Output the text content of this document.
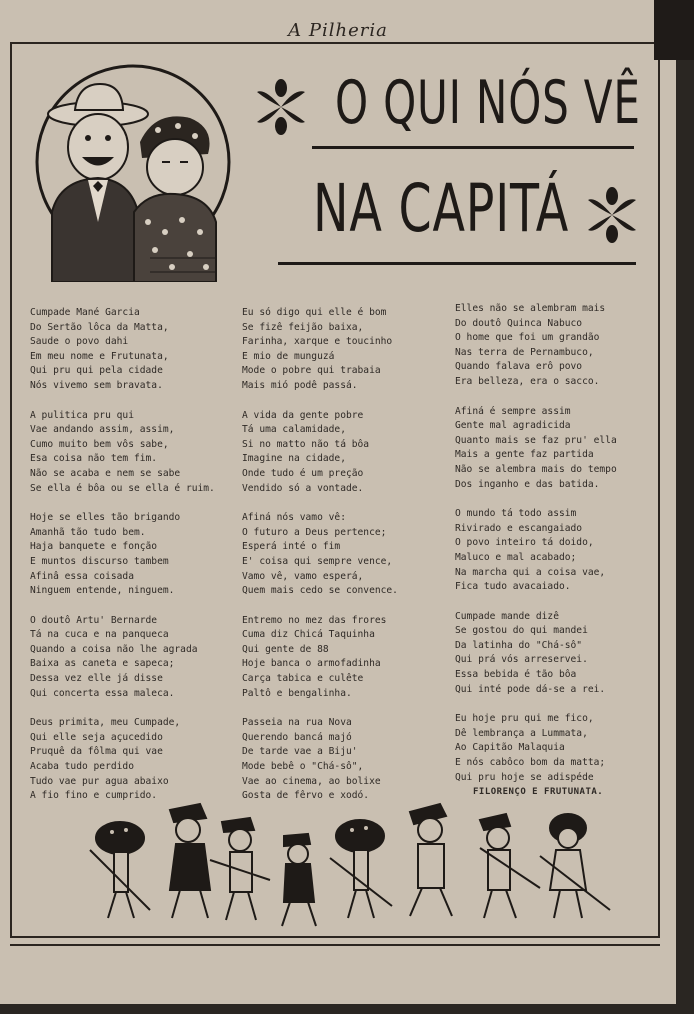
A Pilheria
O QUI NÓS VÊ
NA CAPITÁ
Cumpade Mané Garcia
Do Sertão lôca da Matta,
Saude o povo dahi
Em meu nome e Frutunata,
Qui pru qui pela cidade
Nós vivemo sem bravata.
A pulitica pru qui
Vae andando assim, assim,
Cumo muito bem vôs sabe,
Esa coisa não tem fim.
Não se acaba e nem se sabe
Se ella é bôa ou se ella é ruim.
Hoje se elles tão brigando
Amanhã tão tudo bem.
Haja banquete e fonção
E muntos discurso tambem
Afinâ essa coisada
Ninguem entende, ninguem.
O doutô Artu' Bernarde
Tá na cuca e na panqueca
Quando a coisa não lhe agrada
Baixa as caneta e sapeca;
Dessa vez elle já disse
Qui concerta essa maleca.
Deus primita, meu Cumpade,
Qui elle seja açucedido
Pruquê da fôlma qui vae
Acaba tudo perdido
Tudo vae pur agua abaixo
A fio fino e cumprido.
Eu só digo qui elle é bom
Se fizê feijão baixa,
Farinha, xarque e toucinho
E mio de munguzá
Mode o pobre qui trabaia
Mais mió podê passá.
A vida da gente pobre
Tá uma calamidade,
Si no matto não tá bôa
Imagine na cidade,
Onde tudo é um preção
Vendido só a vontade.
Afiná nós vamo vê:
O futuro a Deus pertence;
Esperá inté o fim
E' coisa qui sempre vence,
Vamo vê, vamo esperá,
Quem mais cedo se convence.
Entremo no mez das frores
Cuma diz Chicá Taquinha
Qui gente de 88
Hoje banca o armofadinha
Carça tabica e culête
Paltô e bengalinha.
Passeia na rua Nova
Querendo bancá majó
De tarde vae a Biju'
Mode bebê o "Chá-sô",
Vae ao cinema, ao bolixe
Gosta de fêrvo e xodó.
Elles não se alembram mais
Do doutô Quinca Nabuco
O home que foi um grandão
Nas terra de Pernambuco,
Quando falava erô povo
Era belleza, era o sacco.
Afiná é sempre assim
Gente mal agradicida
Quanto mais se faz pru' ella
Mais a gente faz partida
Não se alembra mais do tempo
Dos inganho e das batida.
O mundo tá todo assim
Rivirado e escangaiado
O povo inteiro tá doido,
Maluco e mal acabado;
Na marcha qui a coisa vae,
Fica tudo avacaiado.
Cumpade mande dizê
Se gostou do qui mandei
Da latinha do "Chá-sô"
Qui prá vós arreservei.
Essa bebida é tão bôa
Qui inté pode dá-se a rei.
Eu hoje pru qui me fico,
Dê lembrança a Lummata,
Ao Capitão Malaquia
E nós cabôco bom da matta;
Qui pru hoje se adispéde
FILORENÇO E FRUTUNATA.
